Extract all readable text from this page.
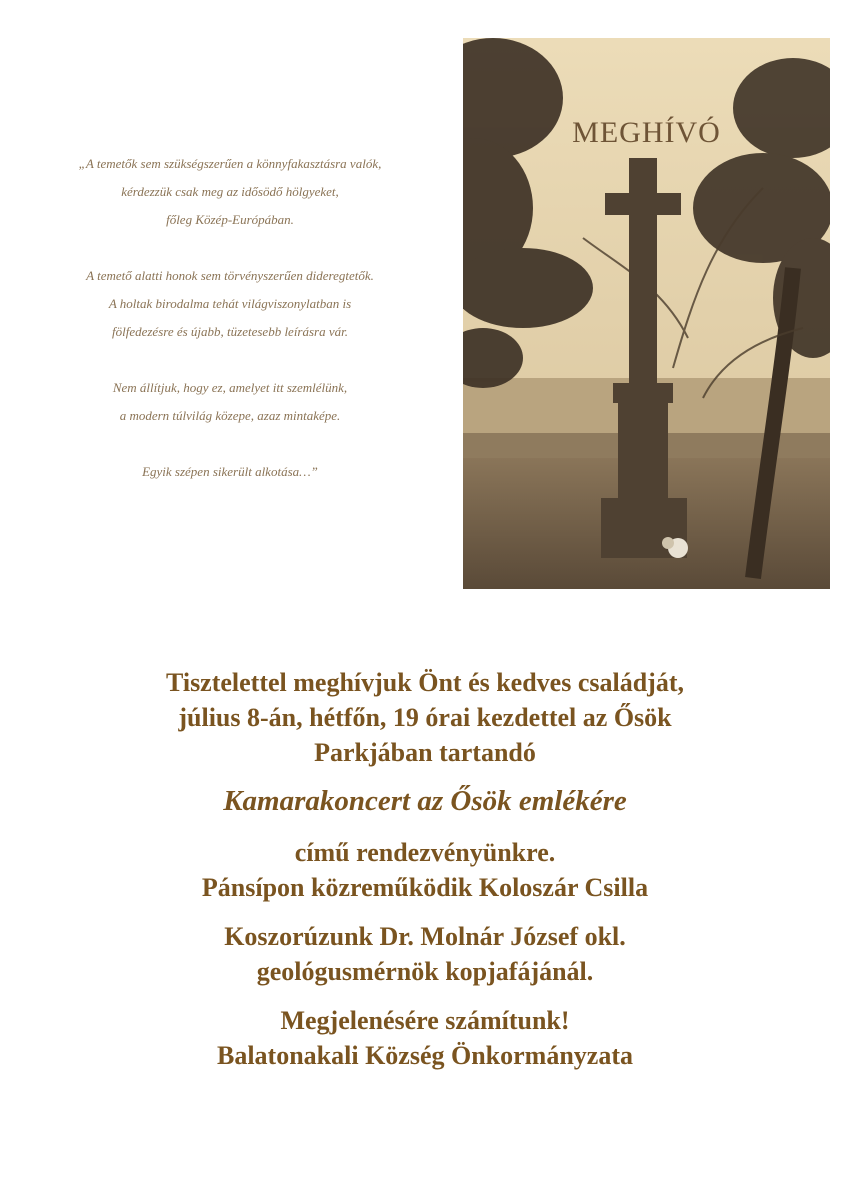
„A temetők sem szükségszerűen a könnyfakasztásra valók,
kérdezzük csak meg az idősödő hölgyeket,
főleg Közép-Európában.

A temető alatti honok sem törvényszerűen dideregtetők.
A holtak birodalma tehát világviszonylatban is
fölfedezésre és újabb, tüzetesebb leírásra vár.

Nem állítjuk, hogy ez, amelyet itt szemlélünk,
a modern túlvilág közepe, azaz mintaképe.

Egyik szépen sikerült alkotása…”

MEGHÍVÓ
Tisztelettel meghívjuk Önt és kedves családját,
július 8-án, hétfőn, 19 órai kezdettel az Ősök
Parkjában tartandó
Kamarakoncert az Ősök emlékére
című rendezvényünkre.
Pánsípon közreműködik Koloszár Csilla
Koszorúzunk Dr. Molnár József okl.
geológusmérnök kopjafájánál.
Megjelenésére számítunk!
Balatonakali Község Önkormányzata
